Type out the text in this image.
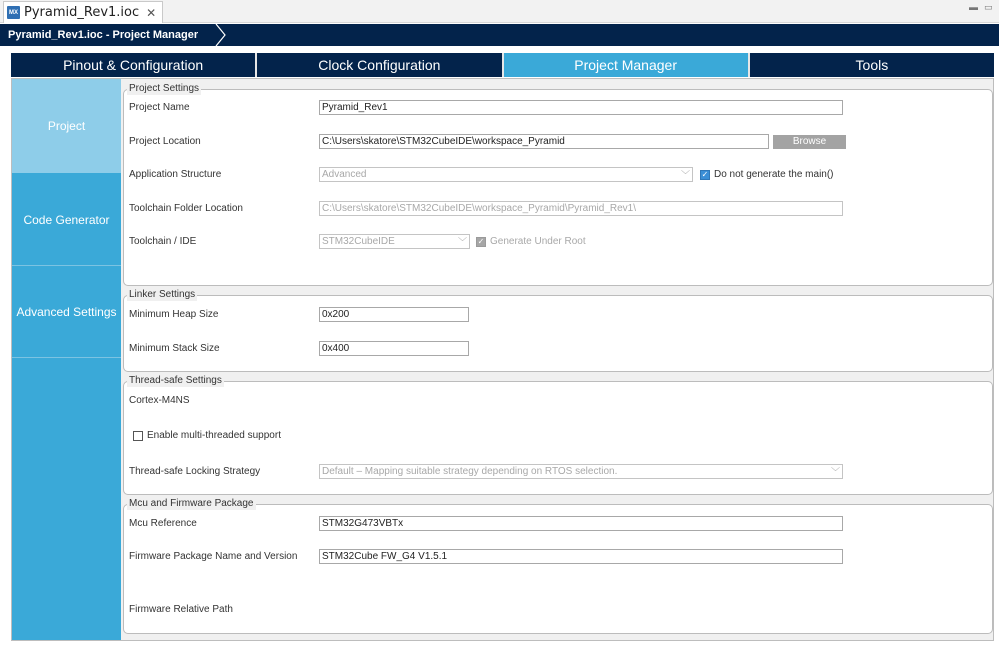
MX Pyramid_Rev1.ioc ✕	▬ ▭
Pyramid_Rev1.ioc - Project Manager
Pinout & Configuration	Clock Configuration	Project Manager	Tools
Project
Code Generator
Advanced Settings
Project Settings
Project Name	Pyramid_Rev1
Project Location	C:\Users\skatore\STM32CubeIDE\workspace_Pyramid	Browse
Application Structure	Advanced	﹀ ✓ Do not generate the main()
Toolchain Folder Location	C:\Users\skatore\STM32CubeIDE\workspace_Pyramid\Pyramid_Rev1\
Toolchain / IDE	STM32CubeIDE	﹀ ✓ Generate Under Root
Linker Settings
Minimum Heap Size	0x200
Minimum Stack Size	0x400
Thread-safe Settings
Cortex-M4NS
Enable multi-threaded support
Thread-safe Locking Strategy	Default – Mapping suitable strategy depending on RTOS selection.	﹀
Mcu and Firmware Package
Mcu Reference	STM32G473VBTx
Firmware Package Name and Version	STM32Cube FW_G4 V1.5.1
Firmware Relative Path
